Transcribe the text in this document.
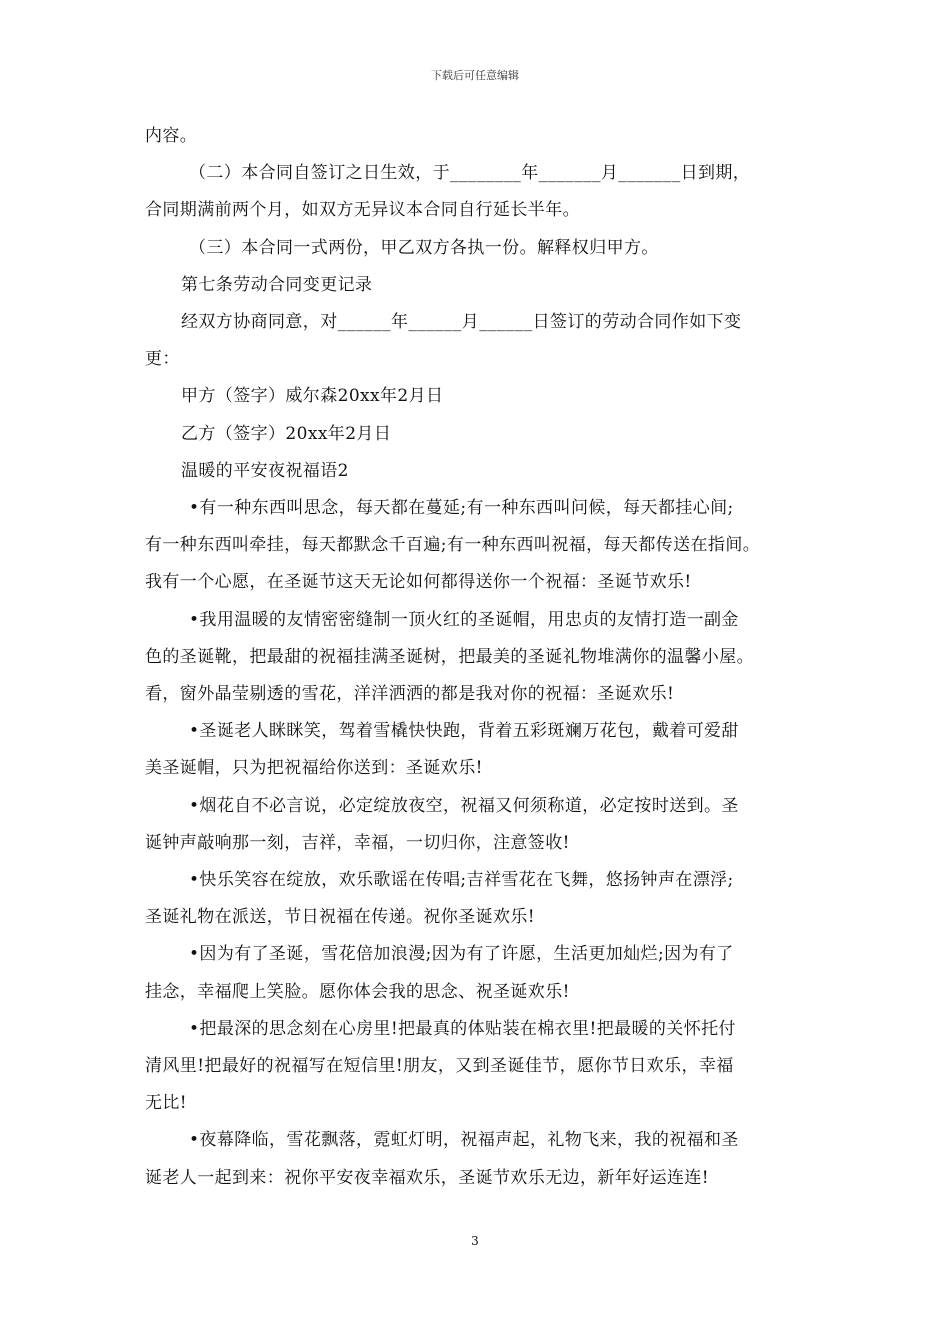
下载后可任意编辑

内容。

（二）本合同自签订之日生效，于________年_______月_______日到期，

合同期满前两个月，如双方无异议本合同自行延长半年。

（三）本合同一式两份，甲乙双方各执一份。解释权归甲方。

第七条劳动合同变更记录

经双方协商同意，对______年______月______日签订的劳动合同作如下变

更：

甲方（签字）威尔森20xx年2月日

乙方（签字）20xx年2月日

温暖的平安夜祝福语2

•有一种东西叫思念，每天都在蔓延;有一种东西叫问候，每天都挂心间;

有一种东西叫牵挂，每天都默念千百遍;有一种东西叫祝福，每天都传送在指间。

我有一个心愿，在圣诞节这天无论如何都得送你一个祝福：圣诞节欢乐!

•我用温暖的友情密密缝制一顶火红的圣诞帽，用忠贞的友情打造一副金

色的圣诞靴，把最甜的祝福挂满圣诞树，把最美的圣诞礼物堆满你的温馨小屋。

看，窗外晶莹剔透的雪花，洋洋洒洒的都是我对你的祝福：圣诞欢乐!

•圣诞老人眯眯笑，驾着雪橇快快跑，背着五彩斑斓万花包，戴着可爱甜

美圣诞帽，只为把祝福给你送到：圣诞欢乐!

•烟花自不必言说，必定绽放夜空，祝福又何须称道，必定按时送到。圣

诞钟声敲响那一刻，吉祥，幸福，一切归你，注意签收!

•快乐笑容在绽放，欢乐歌谣在传唱;吉祥雪花在飞舞，悠扬钟声在漂浮;

圣诞礼物在派送，节日祝福在传递。祝你圣诞欢乐!

•因为有了圣诞，雪花倍加浪漫;因为有了许愿，生活更加灿烂;因为有了

挂念，幸福爬上笑脸。愿你体会我的思念、祝圣诞欢乐!

•把最深的思念刻在心房里!把最真的体贴装在棉衣里!把最暖的关怀托付

清风里!把最好的祝福写在短信里!朋友，又到圣诞佳节，愿你节日欢乐，幸福

无比!

•夜幕降临，雪花飘落，霓虹灯明，祝福声起，礼物飞来，我的祝福和圣

诞老人一起到来：祝你平安夜幸福欢乐，圣诞节欢乐无边，新年好运连连!

3
